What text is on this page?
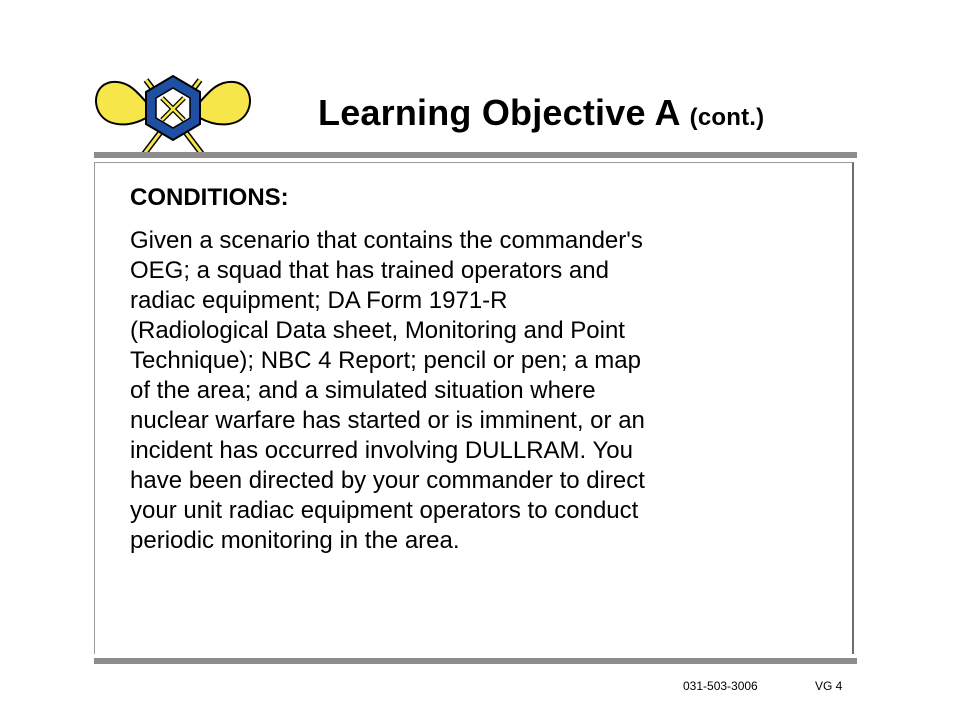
Learning Objective A (cont.)
CONDITIONS:
Given a scenario that contains the commander's
OEG; a squad that has trained operators and
radiac equipment; DA Form 1971-R
(Radiological Data sheet, Monitoring and Point
Technique); NBC 4 Report; pencil or pen; a map
of the area; and a simulated situation where
nuclear warfare has started or is imminent, or an
incident has occurred involving DULLRAM. You
have been directed by your commander to direct
your unit radiac equipment operators to conduct
periodic monitoring in the area.
031-503-3006	VG 4
